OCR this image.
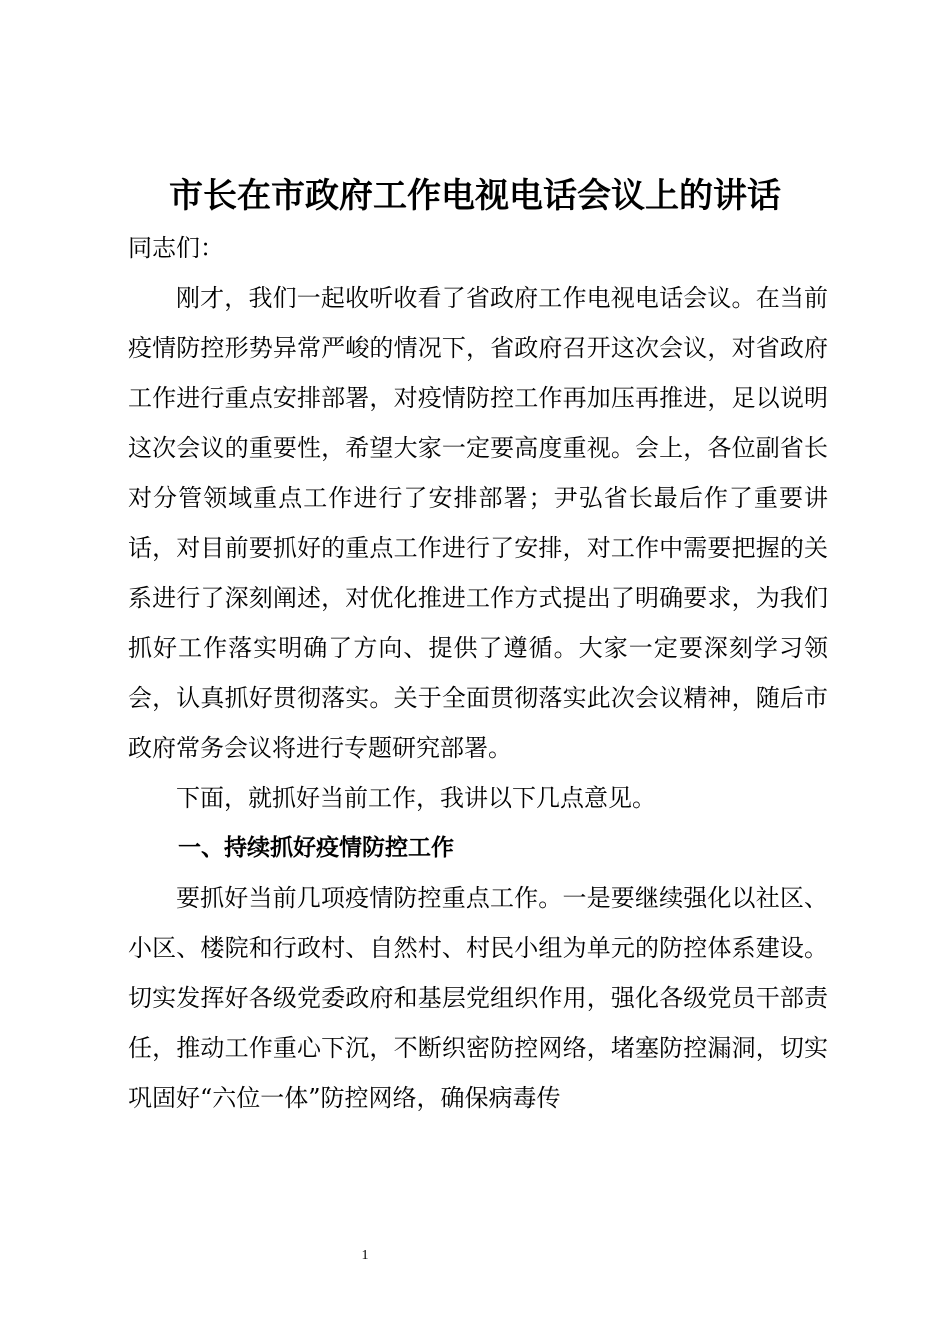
市长在市政府工作电视电话会议上的讲话

同志们：

刚才，我们一起收听收看了省政府工作电视电话会议。在当前疫情防控形势异常严峻的情况下，省政府召开这次会议，对省政府工作进行重点安排部署，对疫情防控工作再加压再推进，足以说明这次会议的重要性，希望大家一定要高度重视。会上，各位副省长对分管领域重点工作进行了安排部署；尹弘省长最后作了重要讲话，对目前要抓好的重点工作进行了安排，对工作中需要把握的关系进行了深刻阐述，对优化推进工作方式提出了明确要求，为我们抓好工作落实明确了方向、提供了遵循。大家一定要深刻学习领会，认真抓好贯彻落实。关于全面贯彻落实此次会议精神，随后市政府常务会议将进行专题研究部署。

下面，就抓好当前工作，我讲以下几点意见。

一、持续抓好疫情防控工作

要抓好当前几项疫情防控重点工作。一是要继续强化以社区、小区、楼院和行政村、自然村、村民小组为单元的防控体系建设。切实发挥好各级党委政府和基层党组织作用，强化各级党员干部责任，推动工作重心下沉，不断织密防控网络，堵塞防控漏洞，切实巩固好“六位一体”防控网络，确保病毒传

1
